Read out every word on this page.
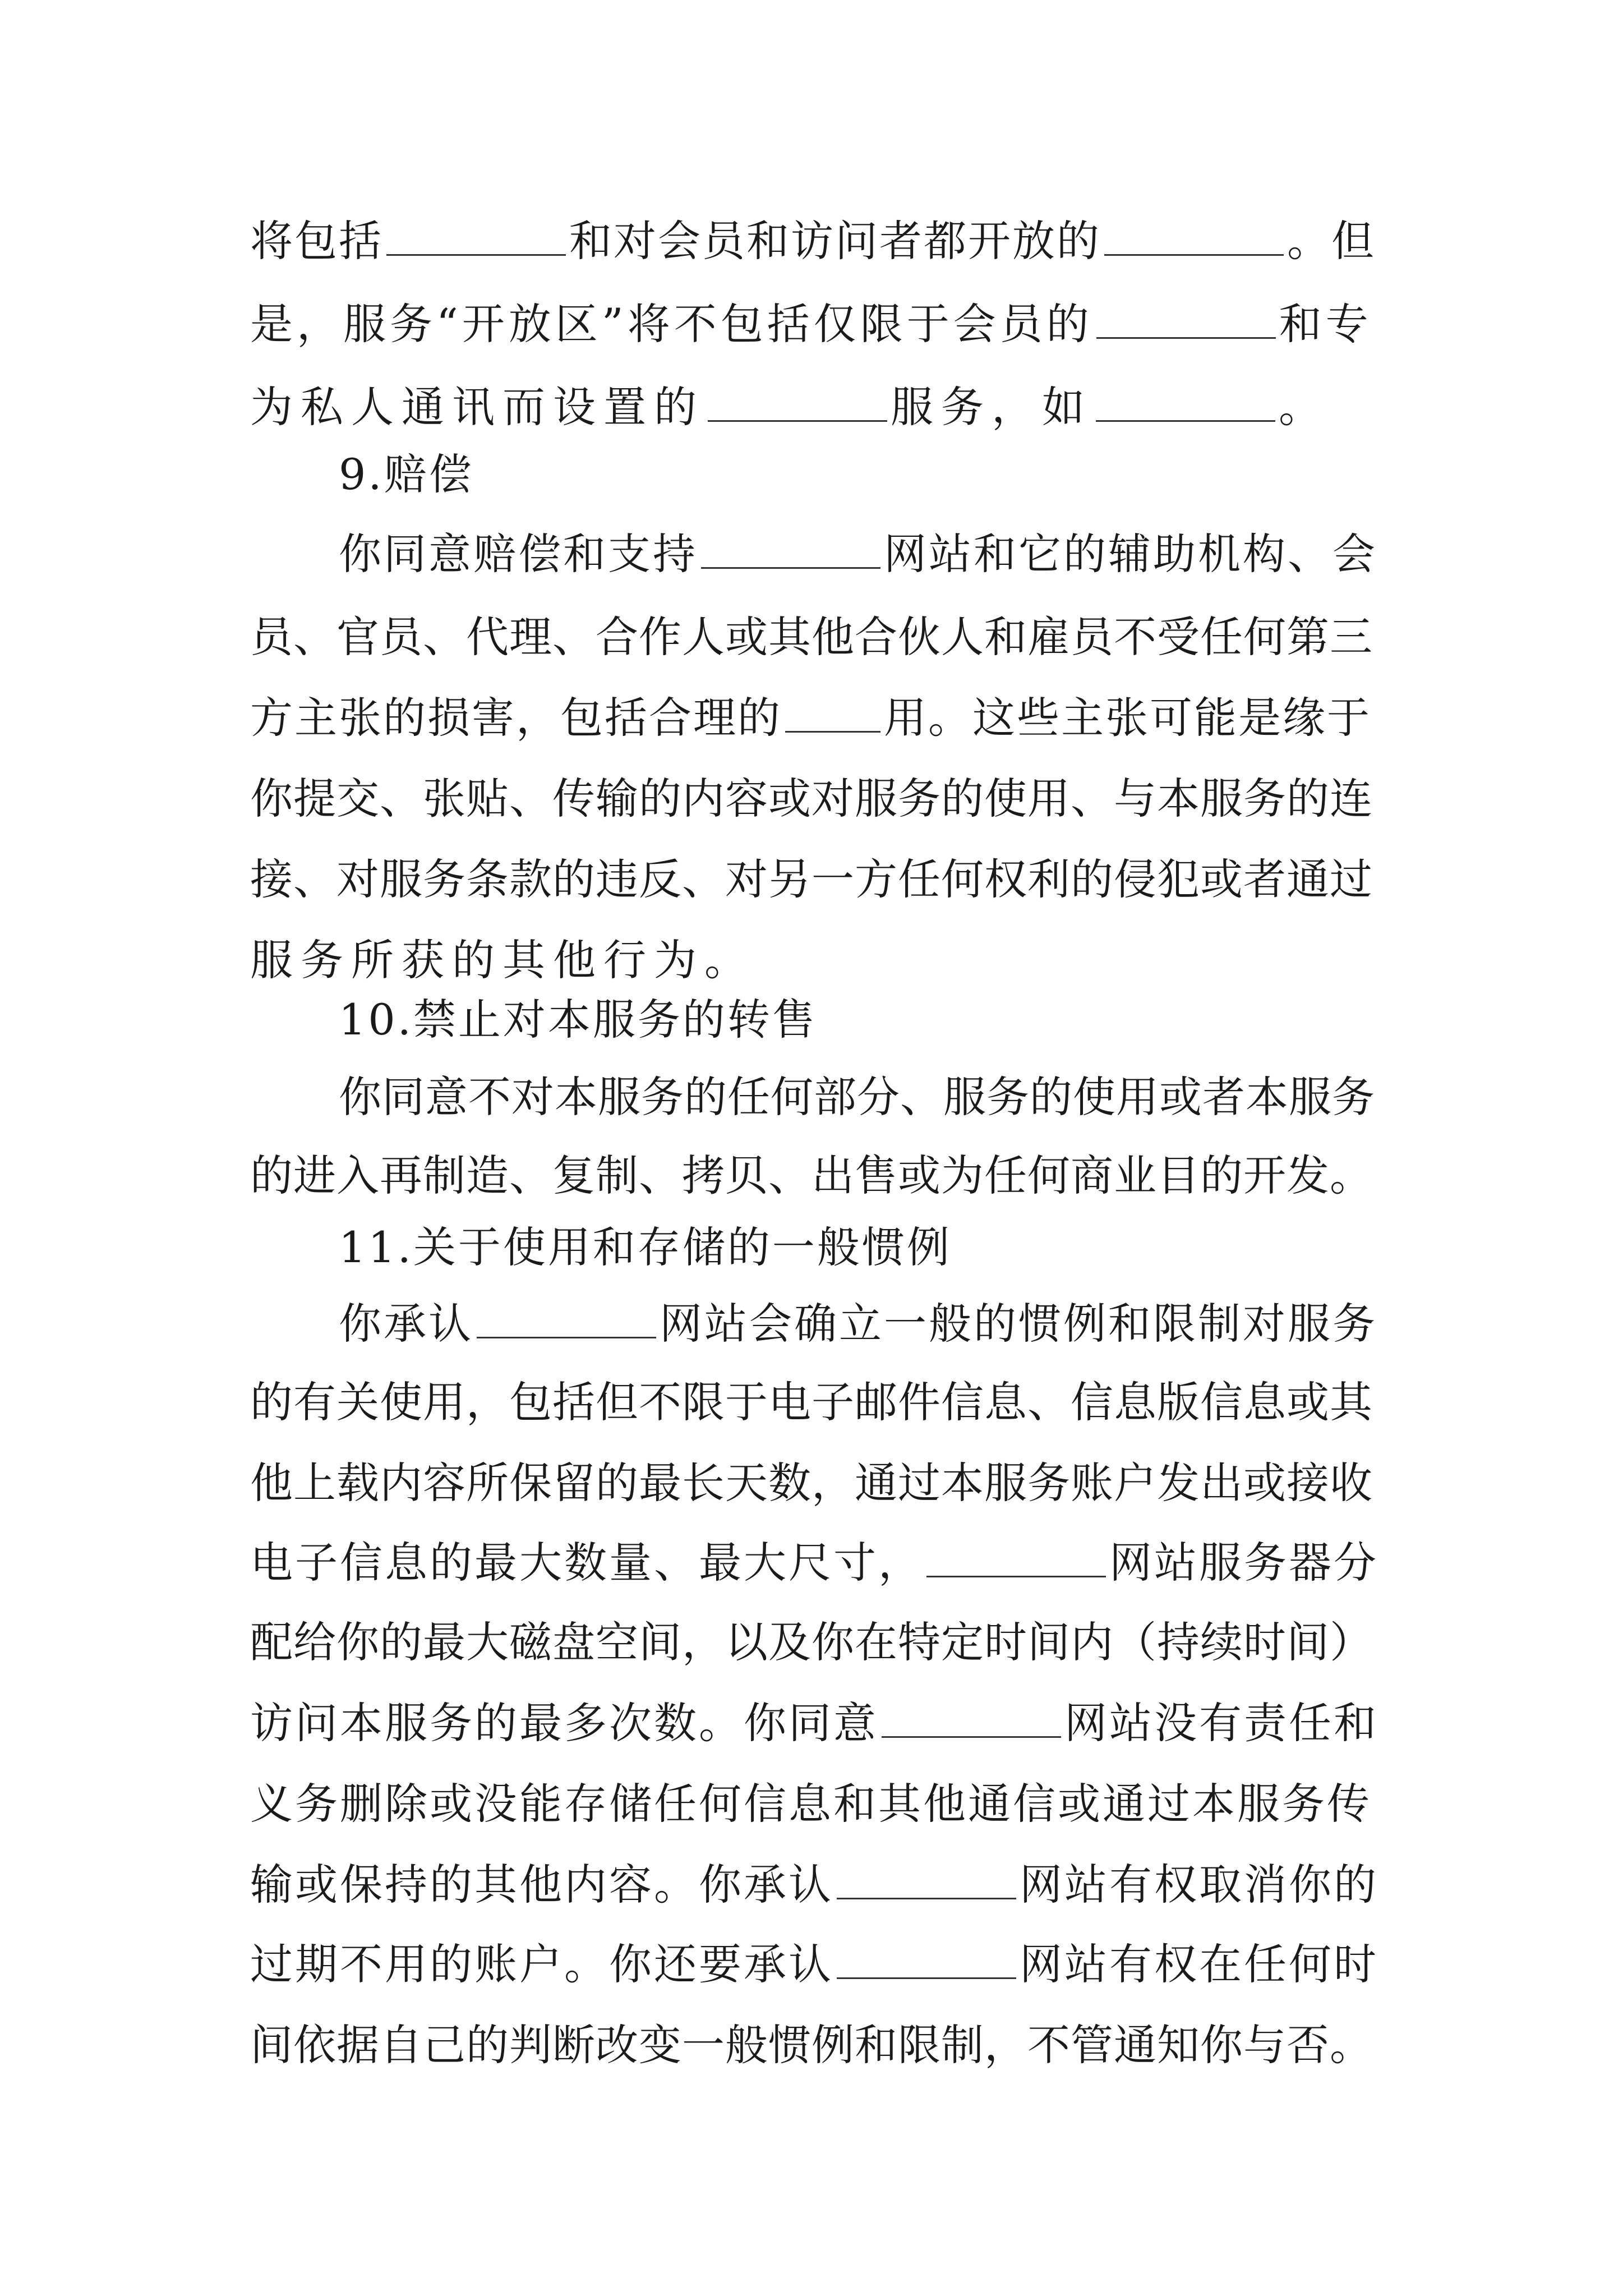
将包括	和对会员和访问者都开放的	。但
是，服务“开放区”将不包括仅限于会员的	和专
为私人通讯而设置的	服务，如	。
9.赔偿
你同意赔偿和支持	网站和它的辅助机构、会
员、官员、代理、合作人或其他合伙人和雇员不受任何第三
方主张的损害，包括合理的 用。这些主张可能是缘于
你提交、张贴、传输的内容或对服务的使用、与本服务的连
接、对服务条款的违反、对另一方任何权利的侵犯或者通过
服务所获的其他行为。
10.禁止对本服务的转售
你同意不对本服务的任何部分、服务的使用或者本服务
的进入再制造、复制、拷贝、出售或为任何商业目的开发。
11.关于使用和存储的一般惯例
你承认	网站会确立一般的惯例和限制对服务
的有关使用，包括但不限于电子邮件信息、信息版信息或其
他上载内容所保留的最长天数，通过本服务账户发出或接收
电子信息的最大数量、最大尺寸，	网站服务器分
配给你的最大磁盘空间，以及你在特定时间内（持续时间）
访问本服务的最多次数。你同意	网站没有责任和
义务删除或没能存储任何信息和其他通信或通过本服务传
输或保持的其他内容。你承认	网站有权取消你的
过期不用的账户。你还要承认	网站有权在任何时
间依据自己的判断改变一般惯例和限制，不管通知你与否。
